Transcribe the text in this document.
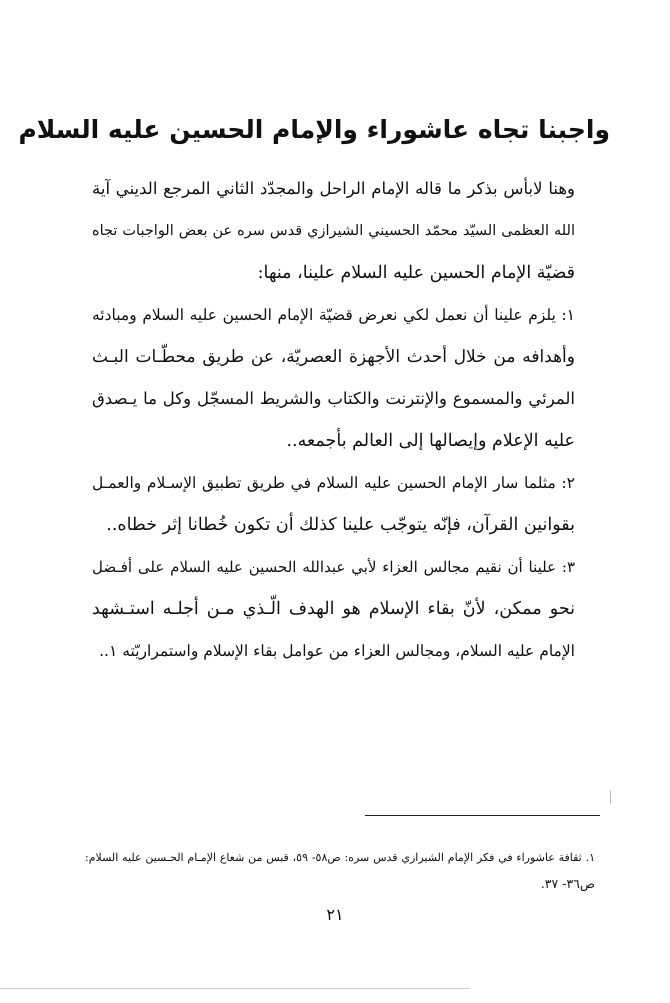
واجبنا تجاه عاشوراء والإمام الحسين عليه السلام
وهنا لابأس بذكر ما قاله الإمام الراحل والمجدّد الثاني المرجع الديني آية
الله العظمى السيّد محمّد الحسيني الشيرازي قدس سره عن بعض الواجبات تجاه
قضيّة الإمام الحسين عليه السلام علينا، منها:
١: يلزم علينا أن نعمل لكي نعرض قضيّة الإمام الحسين عليه السلام ومبادئه
وأهدافه من خلال أحدث الأجهزة العصريّة، عن طريق محطّـات البـث
المرئي والمسموع والإنترنت والكتاب والشريط المسجّل وكل ما يـصدق
عليه الإعلام وإيصالها إلى العالم بأجمعه..
٢: مثلما سار الإمام الحسين عليه السلام في طريق تطبيق الإسـلام والعمـل
بقوانين القرآن، فإنّه يتوجّب علينا كذلك أن تكون خُطانا إثر خطاه..
٣: علينا أن نقيم مجالس العزاء لأبي عبدالله الحسين عليه السلام على أفـضل
نحو ممكن، لأنّ بقاء الإسلام هو الهدف الّـذي مـن أجلـه استـشهد
الإمام عليه السلام، ومجالس العزاء من عوامل بقاء الإسلام واستمراريّته ١..
١. ثقافة عاشوراء في فكر الإمام الشيرازي قدس سره: ص٥٨- ٥٩، قبس من شعاع الإمـام الحـسين عليه السلام:
ص٣٦- ٣٧.
٢١
